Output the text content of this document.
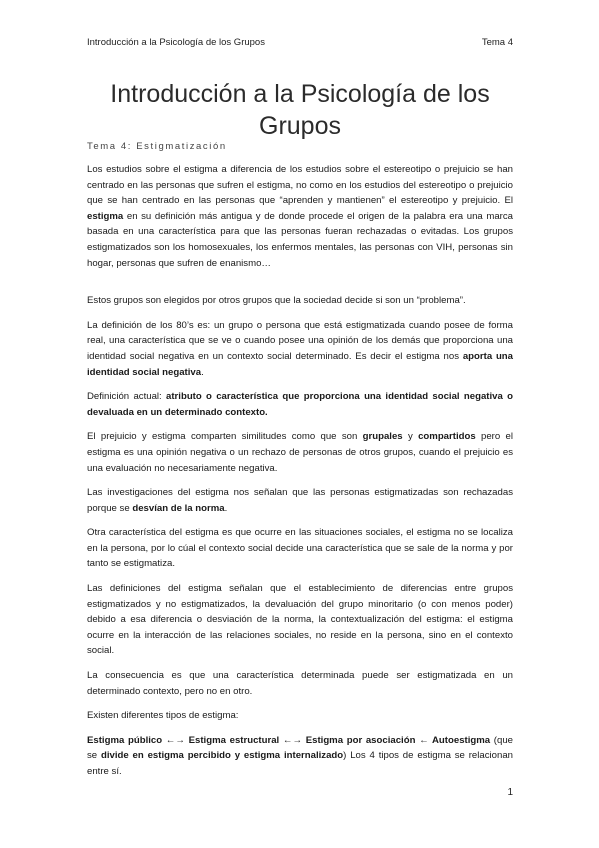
Introducción a la Psicología de los Grupos	Tema 4
Introducción a la Psicología de los Grupos
Tema 4: Estigmatización

Los estudios sobre el estigma a diferencia de los estudios sobre el estereotipo o prejuicio se han centrado en las personas que sufren el estigma, no como en los estudios del estereotipo o prejuicio que se han centrado en las personas que “aprenden y mantienen” el estereotipo y prejuicio. El estigma en su definición más antigua y de donde procede el origen de la palabra era una marca basada en una característica para que las personas fueran rechazadas o evitadas. Los grupos estigmatizados son los homosexuales, los enfermos mentales, las personas con VIH, personas sin hogar, personas que sufren de enanismo…

Estos grupos son elegidos por otros grupos que la sociedad decide si son un “problema”.

La definición de los 80’s es: un grupo o persona que está estigmatizada cuando posee de forma real, una característica que se ve o cuando posee una opinión de los demás que proporciona una identidad social negativa en un contexto social determinado. Es decir el estigma nos aporta una identidad social negativa.

Definición actual: atributo o característica que proporciona una identidad social negativa o devaluada en un determinado contexto.

El prejuicio y estigma comparten similitudes como que son grupales y compartidos pero el estigma es una opinión negativa o un rechazo de personas de otros grupos, cuando el prejuicio es una evaluación no necesariamente negativa.

Las investigaciones del estigma nos señalan que las personas estigmatizadas son rechazadas porque se desvían de la norma.

Otra característica del estigma es que ocurre en las situaciones sociales, el estigma no se localiza en la persona, por lo cúal el contexto social decide una característica que se sale de la norma y por tanto se estigmatiza.

Las definiciones del estigma señalan que el establecimiento de diferencias entre grupos estigmatizados y no estigmatizados, la devaluación del grupo minoritario (o con menos poder) debido a esa diferencia o desviación de la norma, la contextualización del estigma: el estigma ocurre en la interacción de las relaciones sociales, no reside en la persona, sino en el contexto social.

La consecuencia es que una característica determinada puede ser estigmatizada en un determinado contexto, pero no en otro.

Existen diferentes tipos de estigma:

Estigma público ←→ Estigma estructural ←→ Estigma por asociación ← Autoestigma (que se divide en estigma percibido y estigma internalizado) Los 4 tipos de estigma se relacionan entre sí.

1
